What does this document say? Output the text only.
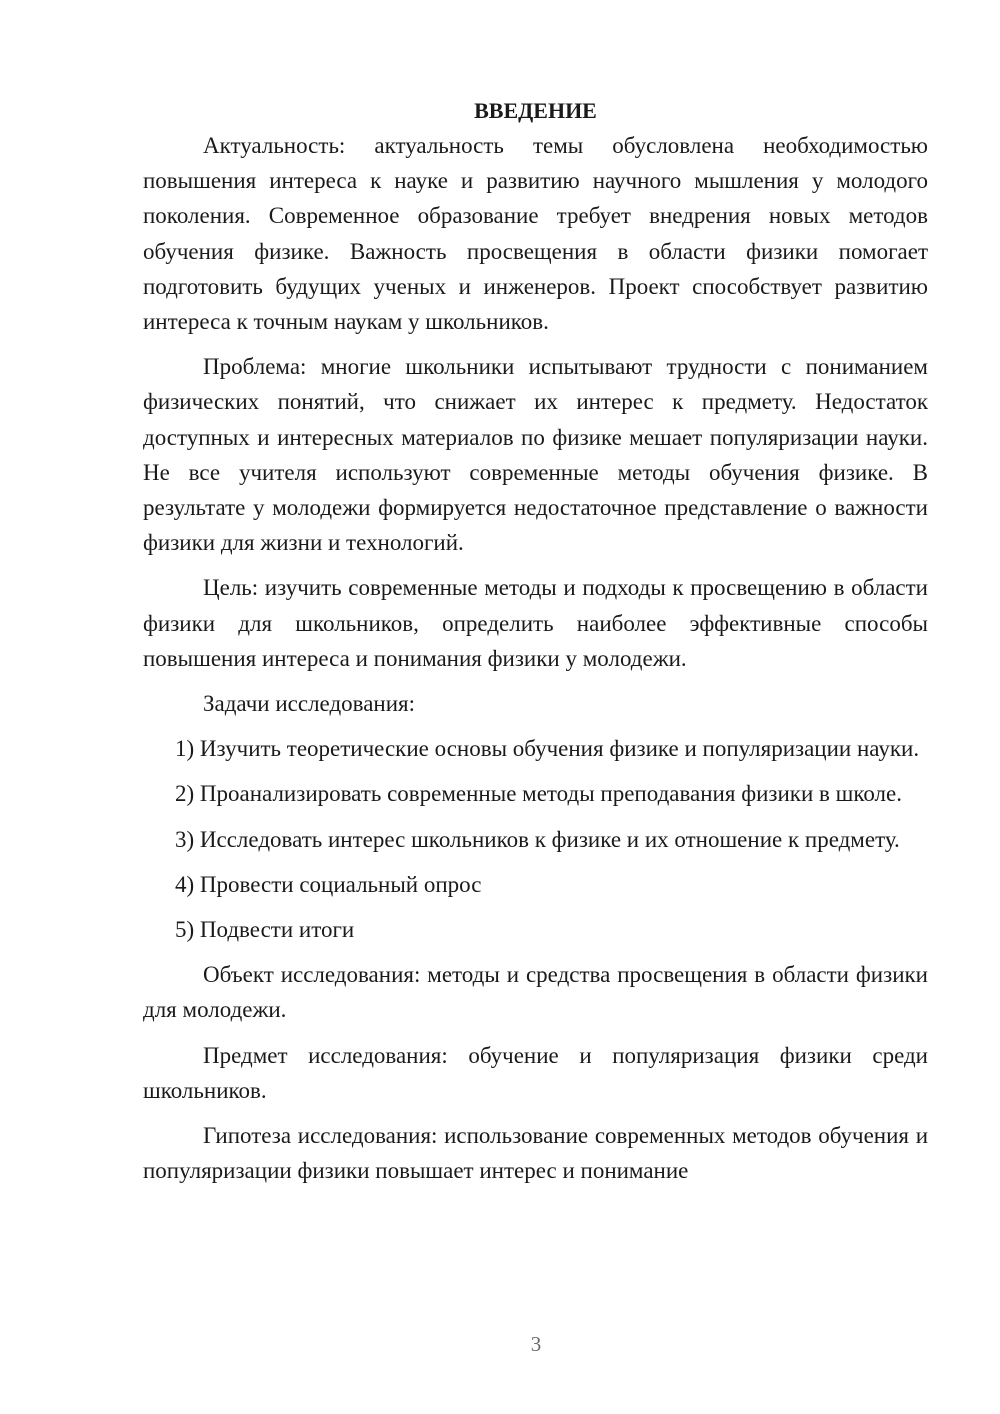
ВВЕДЕНИЕ

Актуальность: актуальность темы обусловлена необходимостью повышения интереса к науке и развитию научного мышления у молодого поколения. Современное образование требует внедрения новых методов обучения физике. Важность просвещения в области физики помогает подготовить будущих ученых и инженеров. Проект способствует развитию интереса к точным наукам у школьников.

Проблема: многие школьники испытывают трудности с пониманием физических понятий, что снижает их интерес к предмету. Недостаток доступных и интересных материалов по физике мешает популяризации науки. Не все учителя используют современные методы обучения физике. В результате у молодежи формируется недостаточное представление о важности физики для жизни и технологий.

Цель: изучить современные методы и подходы к просвещению в области физики для школьников, определить наиболее эффективные способы повышения интереса и понимания физики у молодежи.

Задачи исследования:

1) Изучить теоретические основы обучения физике и популяризации науки.

2) Проанализировать современные методы преподавания физики в школе.

3) Исследовать интерес школьников к физике и их отношение к предмету.

4) Провести социальный опрос

5) Подвести итоги

Объект исследования: методы и средства просвещения в области физики для молодежи.

Предмет исследования: обучение и популяризация физики среди школьников.

Гипотеза исследования: использование современных методов обучения и популяризации физики повышает интерес и понимание

3
